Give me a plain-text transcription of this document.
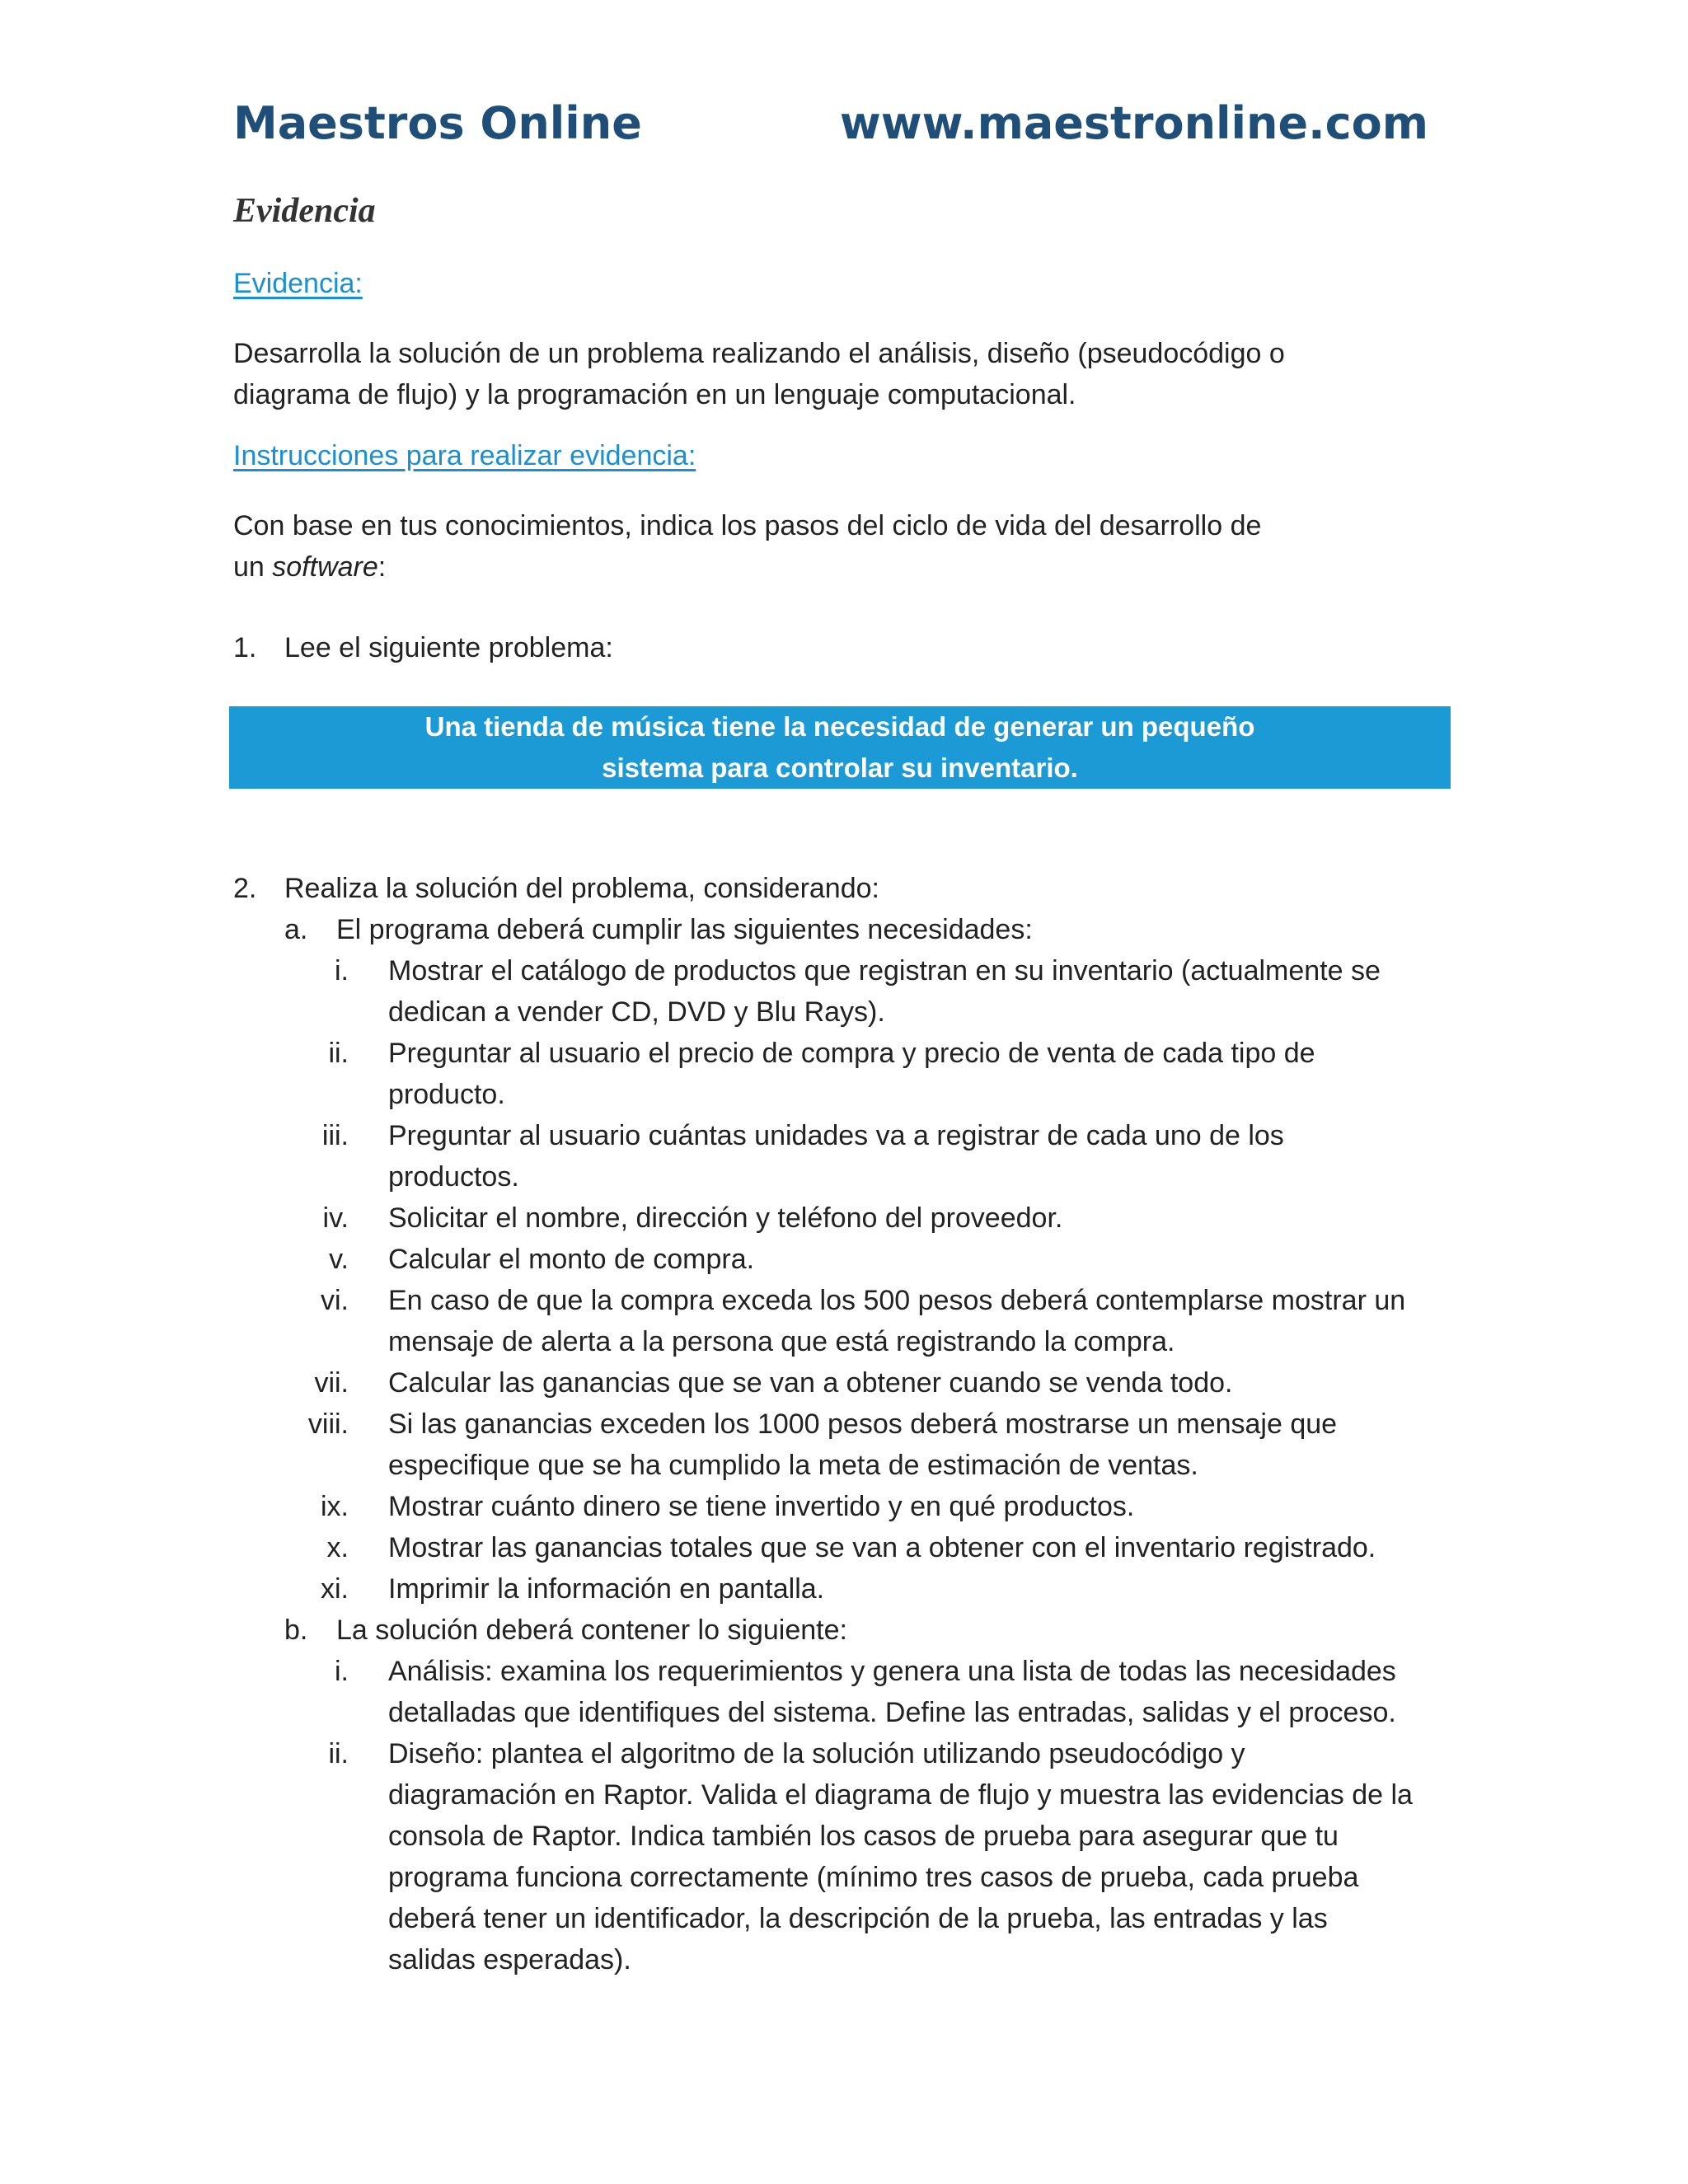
Maestros Online	www.maestronline.com
Evidencia
Evidencia:
Desarrolla la solución de un problema realizando el análisis, diseño (pseudocódigo o
diagrama de flujo) y la programación en un lenguaje computacional.
Instrucciones para realizar evidencia:
Con base en tus conocimientos, indica los pasos del ciclo de vida del desarrollo de
un software:
1. Lee el siguiente problema:
Una tienda de música tiene la necesidad de generar un pequeño
sistema para controlar su inventario.
2. Realiza la solución del problema, considerando:
a.	El programa deberá cumplir las siguientes necesidades:
i. Mostrar el catálogo de productos que registran en su inventario (actualmente se
dedican a vender CD, DVD y Blu Rays).
ii. Preguntar al usuario el precio de compra y precio de venta de cada tipo de
producto.
iii. Preguntar al usuario cuántas unidades va a registrar de cada uno de los
productos.
iv. Solicitar el nombre, dirección y teléfono del proveedor.
v. Calcular el monto de compra.
vi. En caso de que la compra exceda los 500 pesos deberá contemplarse mostrar un
mensaje de alerta a la persona que está registrando la compra.
vii. Calcular las ganancias que se van a obtener cuando se venda todo.
viii. Si las ganancias exceden los 1000 pesos deberá mostrarse un mensaje que
especifique que se ha cumplido la meta de estimación de ventas.
ix. Mostrar cuánto dinero se tiene invertido y en qué productos.
x. Mostrar las ganancias totales que se van a obtener con el inventario registrado.
xi. Imprimir la información en pantalla.
b.	La solución deberá contener lo siguiente:
i. Análisis: examina los requerimientos y genera una lista de todas las necesidades
detalladas que identifiques del sistema. Define las entradas, salidas y el proceso.
ii. Diseño: plantea el algoritmo de la solución utilizando pseudocódigo y
diagramación en Raptor. Valida el diagrama de flujo y muestra las evidencias de la
consola de Raptor. Indica también los casos de prueba para asegurar que tu
programa funciona correctamente (mínimo tres casos de prueba, cada prueba
deberá tener un identificador, la descripción de la prueba, las entradas y las
salidas esperadas).
